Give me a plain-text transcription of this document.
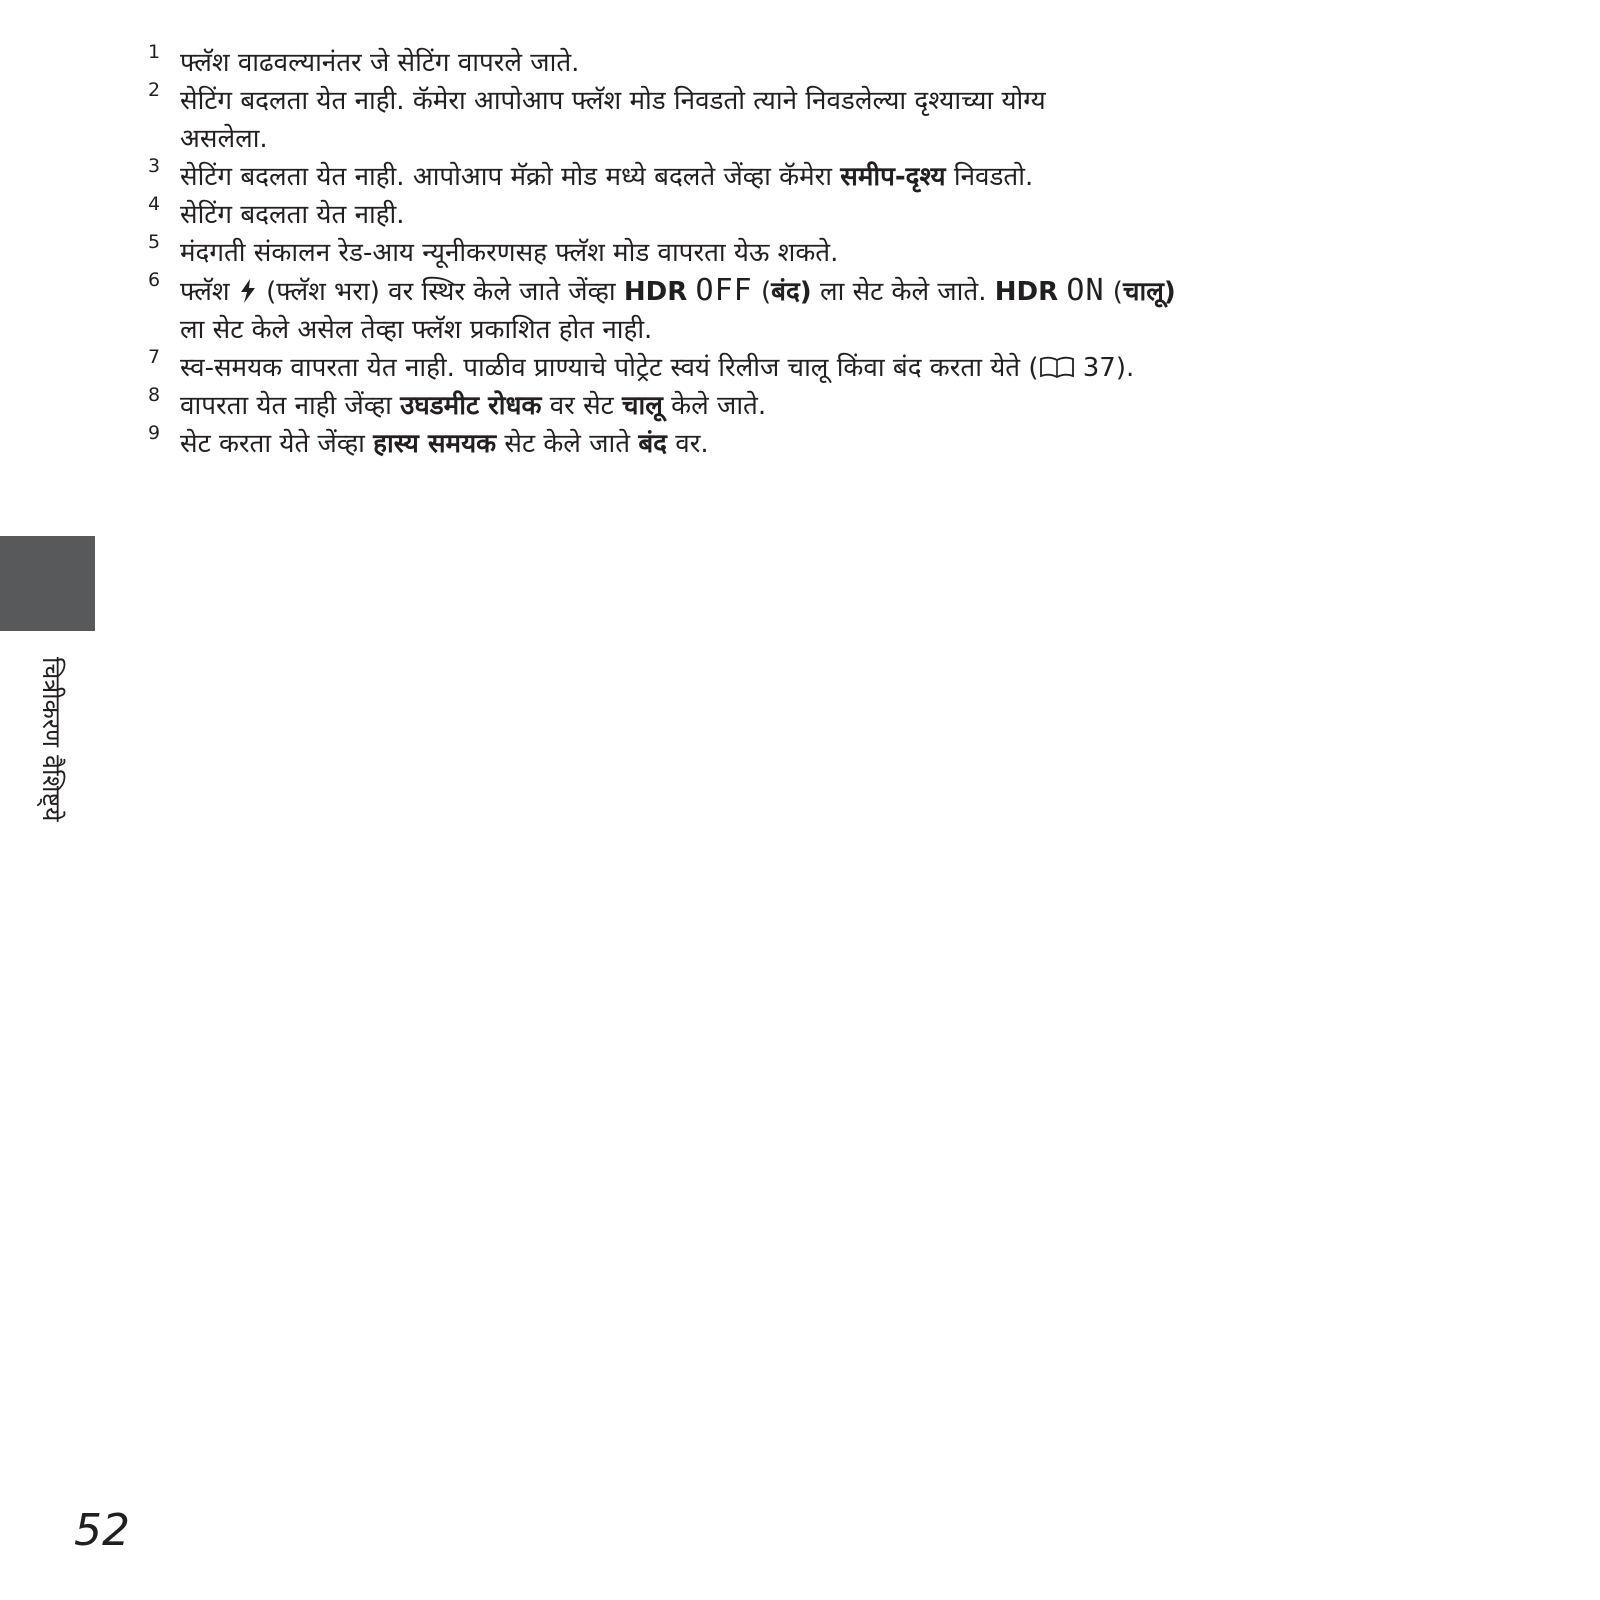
1 फ्लॅश वाढवल्यानंतर जे सेटिंग वापरले जाते.
2 सेटिंग बदलता येत नाही. कॅमेरा आपोआप फ्लॅश मोड निवडतो त्याने निवडलेल्या दृश्याच्या योग्य
असलेला.
3 सेटिंग बदलता येत नाही. आपोआप मॅक्रो मोड मध्ये बदलते जेंव्हा कॅमेरा समीप-दृश्य निवडतो.
4 सेटिंग बदलता येत नाही.
5 मंदगती संकालन रेड-आय न्यूनीकरणसह फ्लॅश मोड वापरता येऊ शकते.
6 फ्लॅश  (फ्लॅश भरा) वर स्थिर केले जाते जेंव्हा HDR OFF (बंद) ला सेट केले जाते. HDR ON (चालू)
ला सेट केले असेल तेव्हा फ्लॅश प्रकाशित होत नाही.
7 स्व-समयक वापरता येत नाही. पाळीव प्राण्याचे पोट्रेट स्वयं रिलीज चालू किंवा बंद करता येते ( 37).
8 वापरता येत नाही जेंव्हा उघडमीट रोधक वर सेट चालू केले जाते.
9 सेट करता येते जेंव्हा हास्य समयक सेट केले जाते बंद वर.
चित्रीकरण वैशिष्ट्ये
52
